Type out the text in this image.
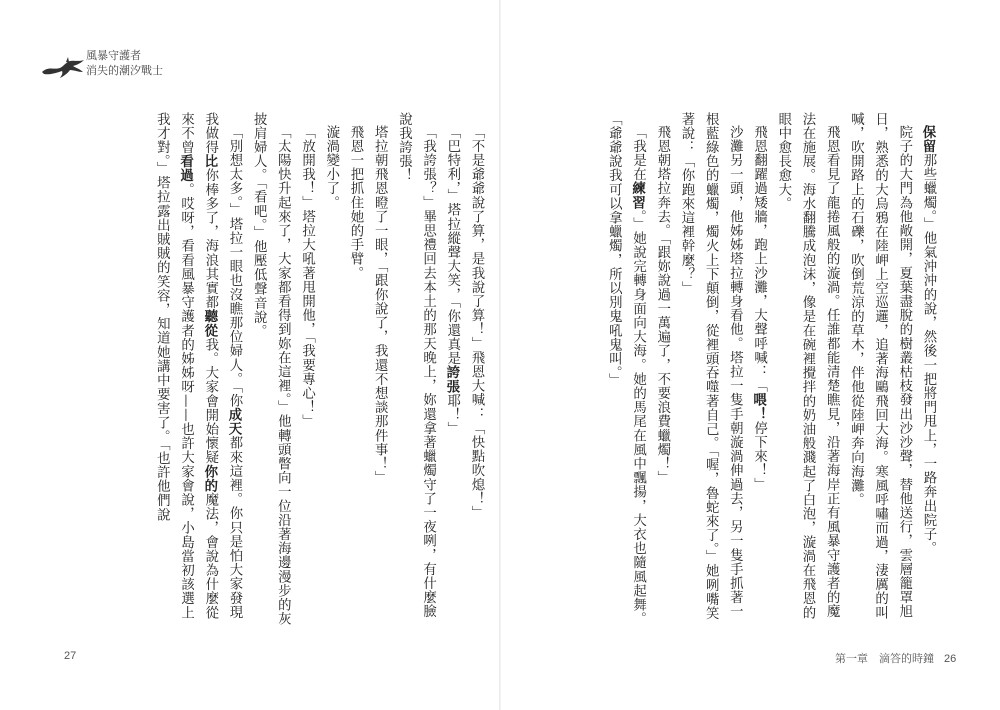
風暴守護者
消失的潮汐戰士

保留那些蠟燭。」他氣沖沖的說，然後一把將門甩上，一路奔出院子。

院子的大門為他敞開，夏葉盡脫的樹叢枯枝發出沙沙聲，替他送行，雲層籠罩旭日，熟悉的大烏鴉在陸岬上空巡邏，追著海鷗飛回大海。寒風呼嘯而過，淒厲的叫喊，吹開路上的石礫，吹倒荒涼的草木，伴他從陸岬奔向海灘。

飛恩看見了龍捲風般的漩渦。任誰都能清楚瞧見，沿著海岸正有風暴守護者的魔法在施展。海水翻騰成泡沫，像是在碗裡攪拌的奶油般濺起了白泡，漩渦在飛恩的眼中愈長愈大。

飛恩翻躍過矮牆，跑上沙灘，大聲呼喊：「喂！停下來！」

沙灘另一頭，他姊姊塔拉轉身看他。塔拉一隻手朝漩渦伸過去，另一隻手抓著一根藍綠色的蠟燭，燭火上下顛倒，從裡頭吞噬著自己。「喔，魯蛇來了。」她咧嘴笑著說：「你跑來這裡幹麼？」

飛恩朝塔拉奔去。「跟妳說過一萬遍了，不要浪費蠟燭！」

「我是在練習。」她說完轉身面向大海。她的馬尾在風中飄揚，大衣也隨風起舞。「爺爺說我可以拿蠟燭，所以別鬼吼鬼叫。」

「不是爺爺說了算，是我說了算！」飛恩大喊：「快點吹熄！」

「巴特利，」塔拉縱聲大笑，「你還真是誇張耶！」

「我誇張？」畢思禮回去本土的那天晚上，妳還拿著蠟燭守了一夜咧，有什麼臉說我誇張！

塔拉朝飛恩瞪了一眼，「跟你說了，我還不想談那件事！」

飛恩一把抓住她的手臂。

漩渦變小了。

「放開我！」塔拉大吼著甩開他，「我要專心！」

「太陽快升起來了，大家都看得到妳在這裡。」他轉頭瞥向一位沿著海邊漫步的灰披肩婦人。「看吧。」他壓低聲音說。

「別想太多。」塔拉一眼也沒瞧那位婦人。「你成天都來這裡。你只是怕大家發現我做得比你棒多了，海浪其實都聽從我。大家會開始懷疑你的魔法，會說為什麼從來不曾看過。哎呀，看看風暴守護者的姊姊呀——也許大家會說，小島當初該選上我才對。」塔拉露出賊賊的笑容，知道她講中要害了。「也許他們說

27	第一章　滴答的時鐘 26
